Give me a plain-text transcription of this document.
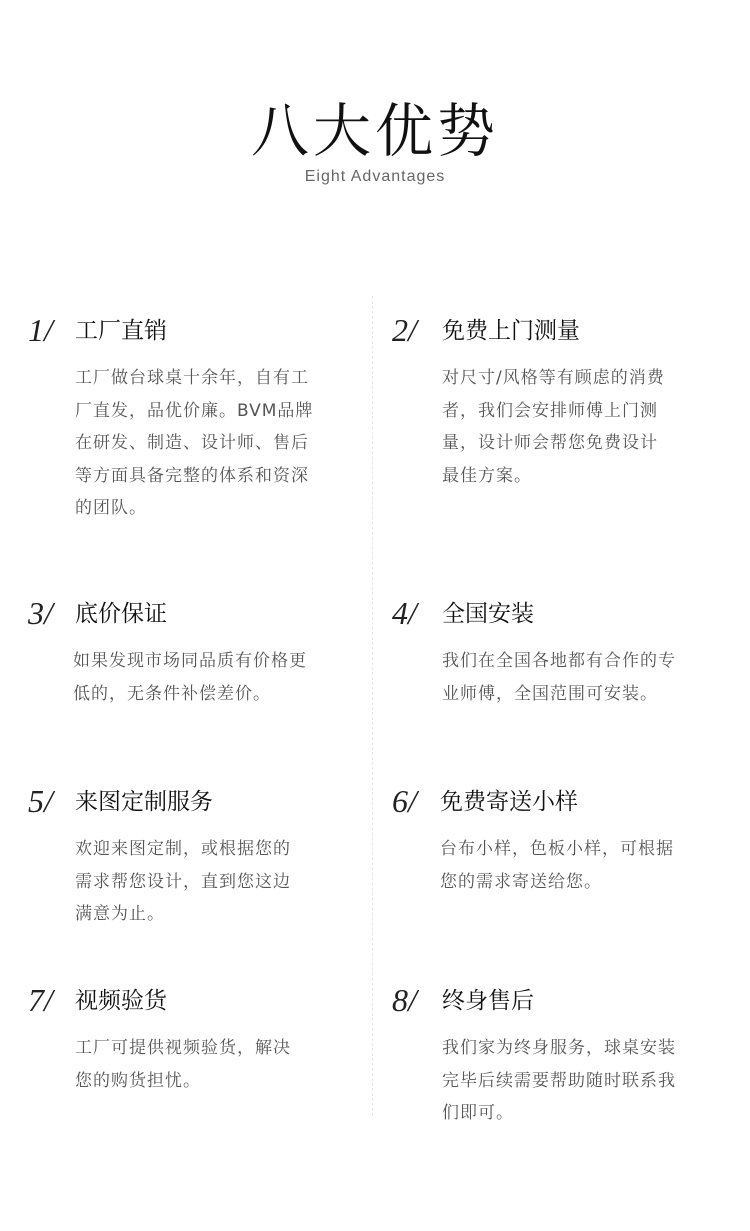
八大优势
Eight Advantages
1/ 工厂直销
工厂做台球桌十余年，自有工
厂直发，品优价廉。BVM品牌
在研发、制造、设计师、售后
等方面具备完整的体系和资深
的团队。
2/ 免费上门测量
对尺寸/风格等有顾虑的消费
者，我们会安排师傅上门测
量，设计师会帮您免费设计
最佳方案。
3/ 底价保证
如果发现市场同品质有价格更
低的，无条件补偿差价。
4/ 全国安装
我们在全国各地都有合作的专
业师傅，全国范围可安装。
5/ 来图定制服务
欢迎来图定制，或根据您的
需求帮您设计，直到您这边
满意为止。
6/ 免费寄送小样
台布小样，色板小样，可根据
您的需求寄送给您。
7/ 视频验货
工厂可提供视频验货，解决
您的购货担忧。
8/ 终身售后
我们家为终身服务，球桌安装
完毕后续需要帮助随时联系我
们即可。
